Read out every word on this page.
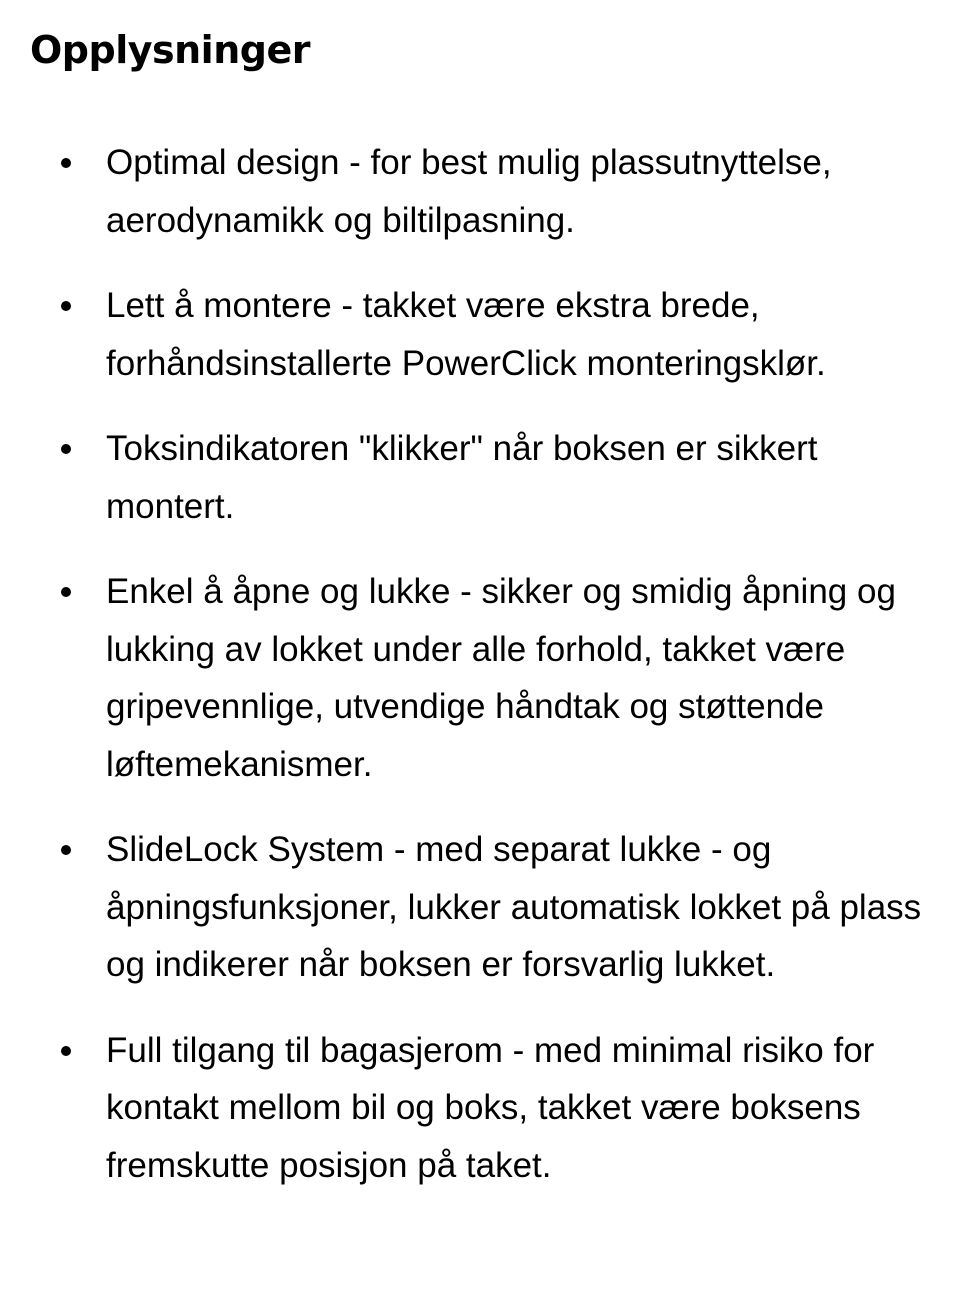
Opplysninger
Optimal design - for best mulig plassutnyttelse, aerodynamikk og biltilpasning.
Lett å montere - takket være ekstra brede, forhåndsinstallerte PowerClick monteringsklør.
Toksindikatoren "klikker" når boksen er sikkert montert.
Enkel å åpne og lukke - sikker og smidig åpning og lukking av lokket under alle forhold, takket være gripevennlige, utvendige håndtak og støttende løftemekanismer.
SlideLock System - med separat lukke - og åpningsfunksjoner, lukker automatisk lokket på plass og indikerer når boksen er forsvarlig lukket.
Full tilgang til bagasjerom - med minimal risiko for kontakt mellom bil og boks, takket være boksens fremskutte posisjon på taket.
